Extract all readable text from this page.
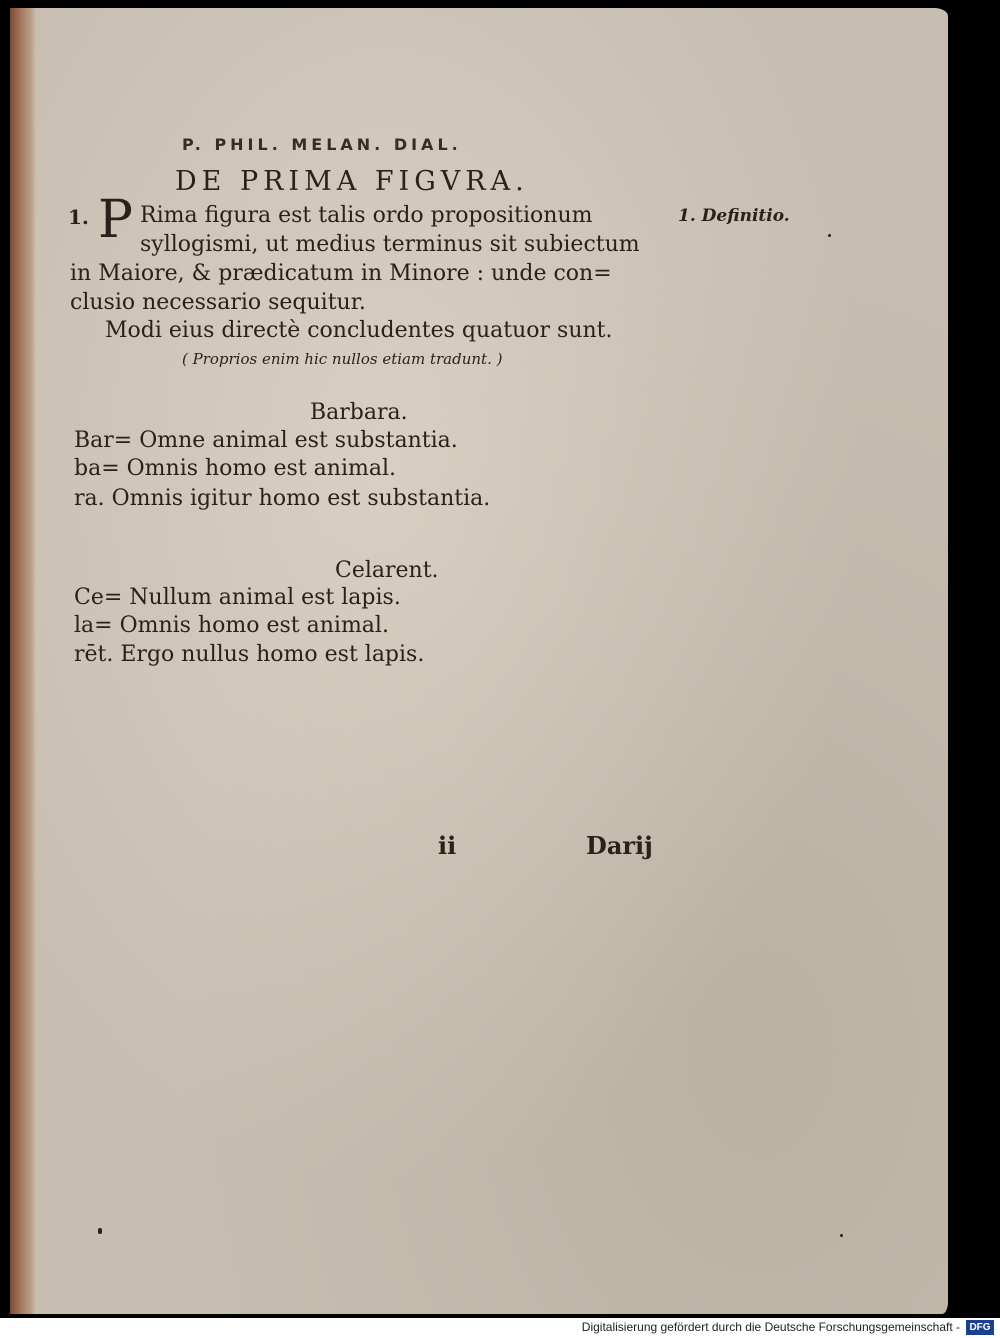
P. PHIL. MELAN. DIAL.
DE PRIMA FIGVRA.
1. P Rima figura est talis ordo propositionum
syllogismi, ut medius terminus sit subiectum
in Maiore, & prædicatum in Minore : unde con=
clusio necessario sequitur.
Modi eius directè concludentes quatuor sunt.
1. Definitio.
( Proprios enim hic nullos etiam tradunt. )
Barbara.
Bar= Omne animal est substantia.
ba= Omnis homo est animal.
ra. Omnis igitur homo est substantia.
Celarent.
Ce= Nullum animal est lapis.
la= Omnis homo est animal.
rēt. Ergo nullus homo est lapis.
ii	Darij
Digitalisierung gefördert durch die Deutsche Forschungsgemeinschaft - DFG
